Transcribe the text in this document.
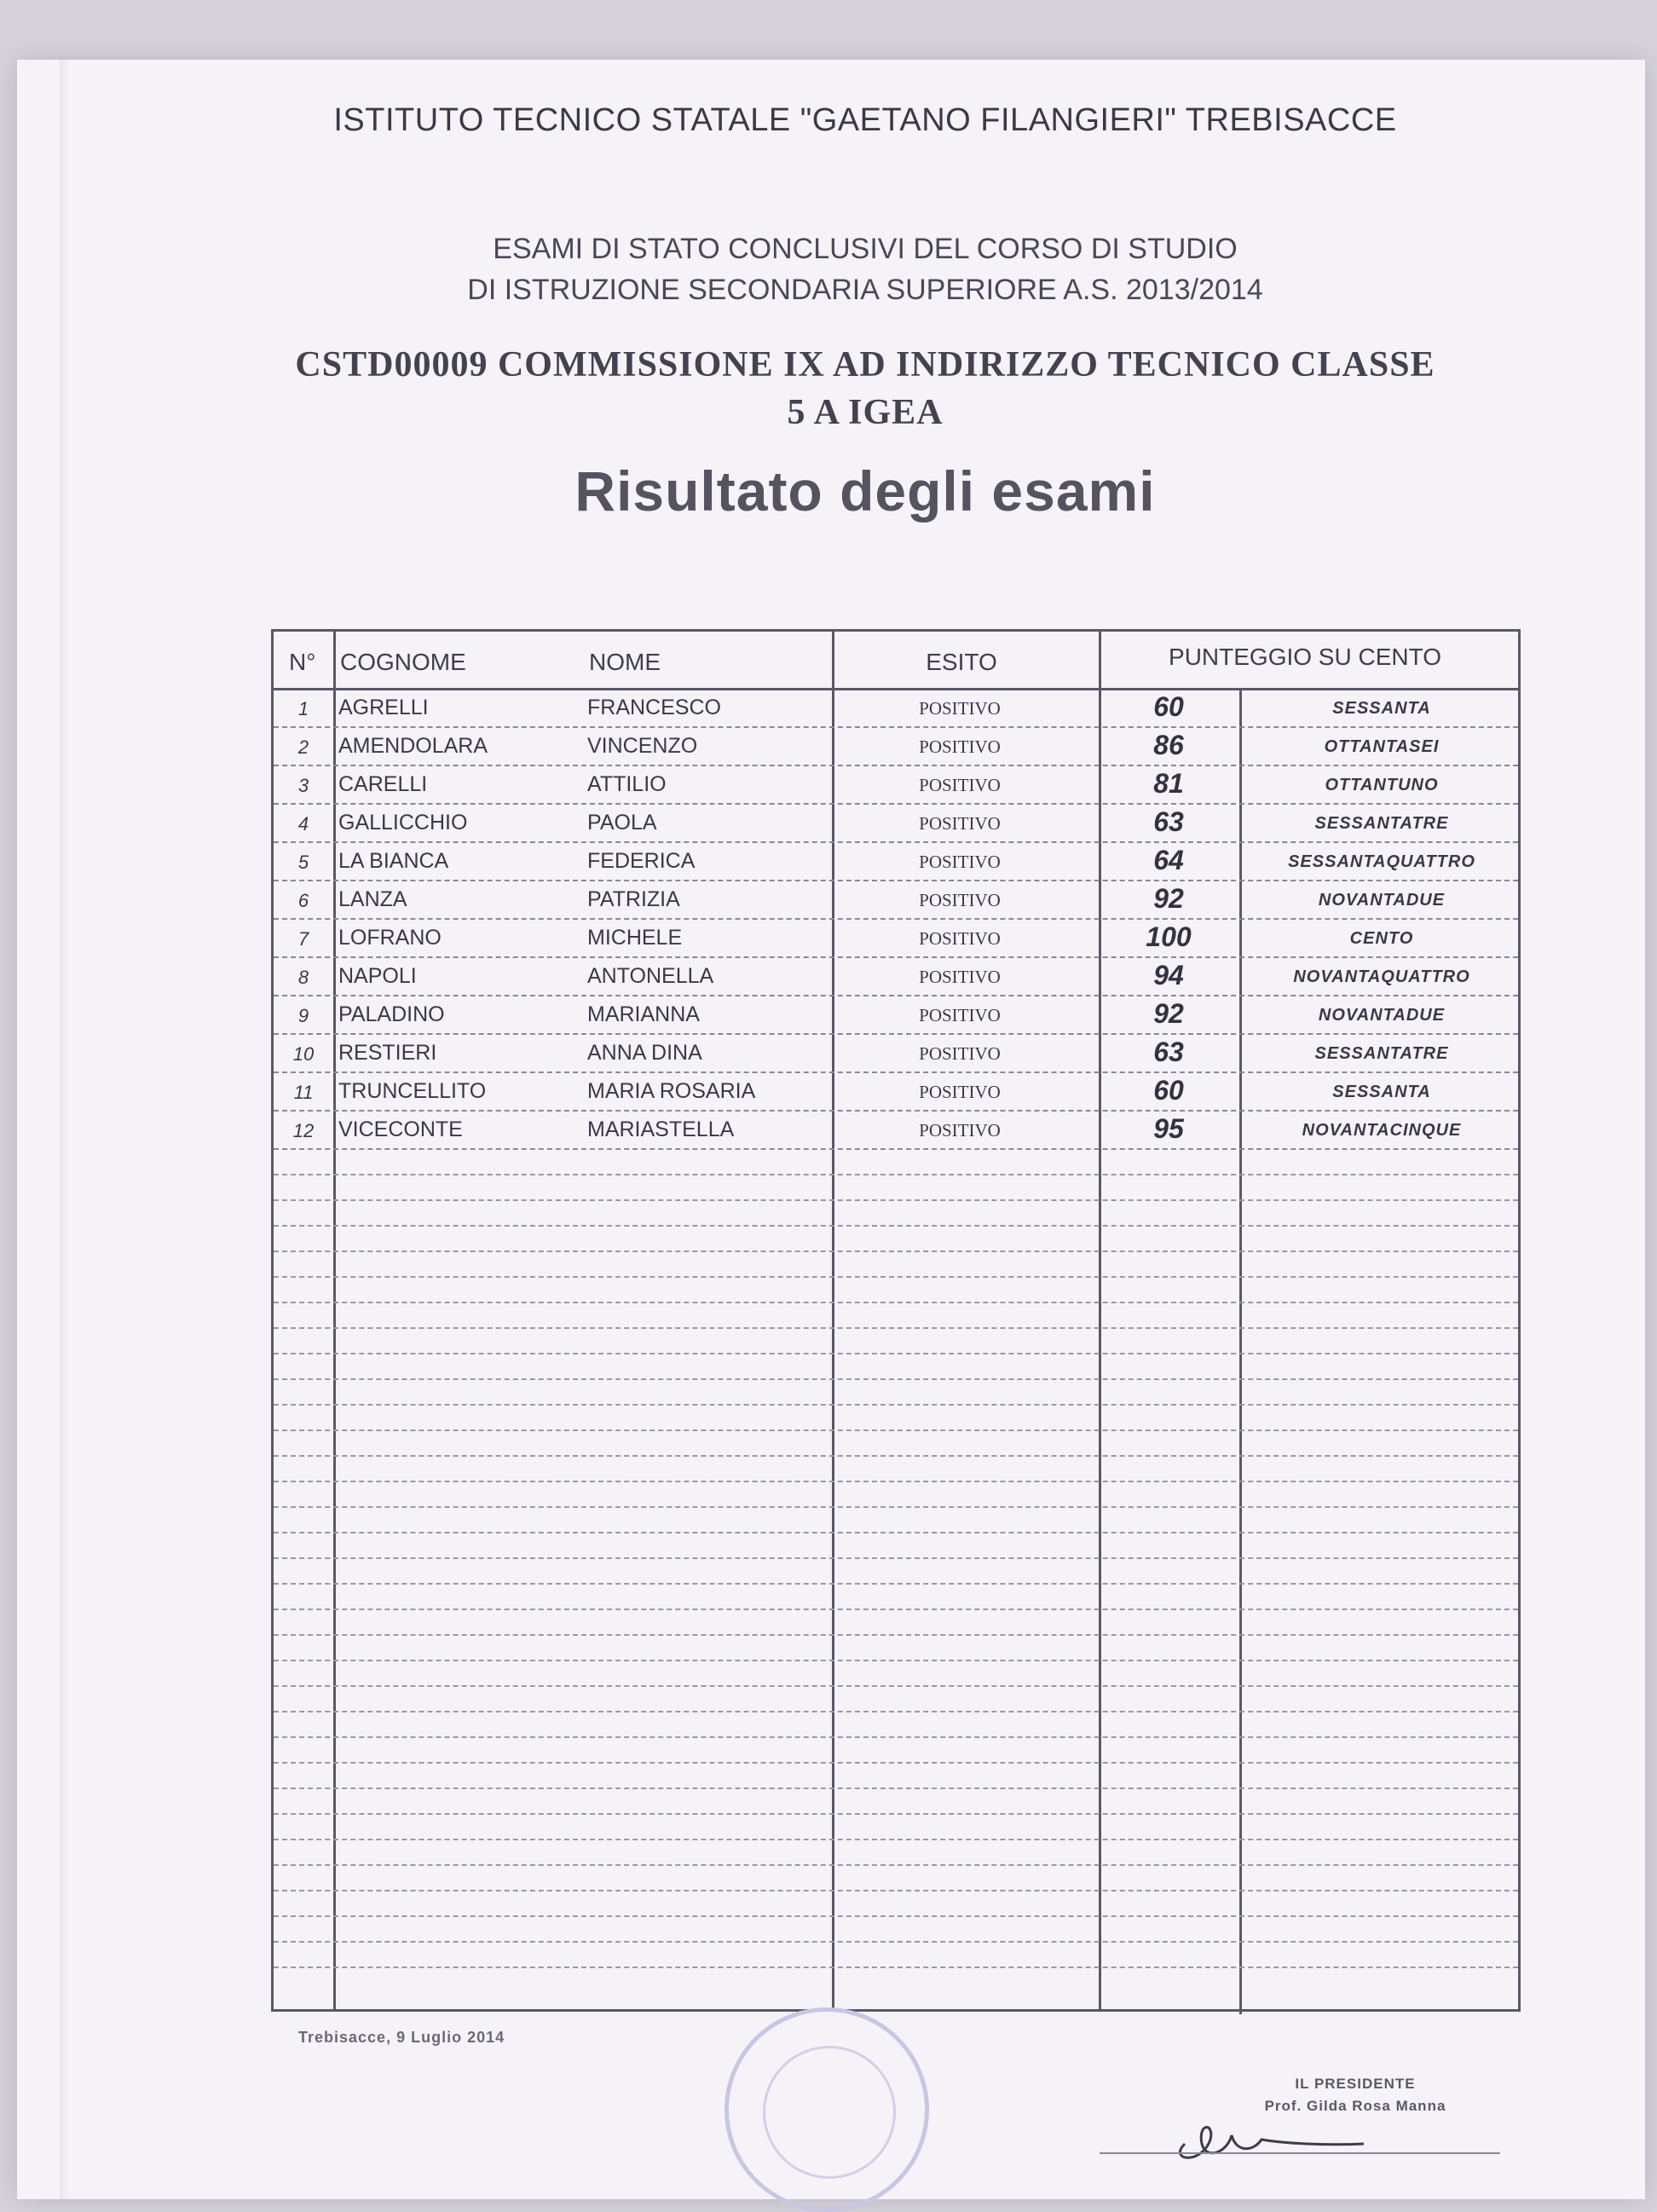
ISTITUTO TECNICO STATALE "GAETANO FILANGIERI" TREBISACCE
ESAMI DI STATO CONCLUSIVI DEL CORSO DI STUDIO
DI ISTRUZIONE SECONDARIA SUPERIORE A.S. 2013/2014
CSTD00009 COMMISSIONE IX AD INDIRIZZO TECNICO CLASSE
5 A IGEA
Risultato degli esami
N° COGNOME	NOME	ESITO	PUNTEGGIO SU CENTO
1	AGRELLI	FRANCESCO	POSITIVO	60	SESSANTA
2	AMENDOLARA	VINCENZO	POSITIVO	86	OTTANTASEI
3	CARELLI	ATTILIO	POSITIVO	81	OTTANTUNO
4	GALLICCHIO	PAOLA	POSITIVO	63	SESSANTATRE
5	LA BIANCA	FEDERICA	POSITIVO	64	SESSANTAQUATTRO
6	LANZA	PATRIZIA	POSITIVO	92	NOVANTADUE
7	LOFRANO	MICHELE	POSITIVO	100	CENTO
8	NAPOLI	ANTONELLA	POSITIVO	94	NOVANTAQUATTRO
9	PALADINO	MARIANNA	POSITIVO	92	NOVANTADUE
10	RESTIERI	ANNA DINA	POSITIVO	63	SESSANTATRE
11	TRUNCELLITO	MARIA ROSARIA	POSITIVO	60	SESSANTA
12	VICECONTE	MARIASTELLA	POSITIVO	95	NOVANTACINQUE
Trebisacce, 9 Luglio 2014
IL PRESIDENTE
Prof. Gilda Rosa Manna
